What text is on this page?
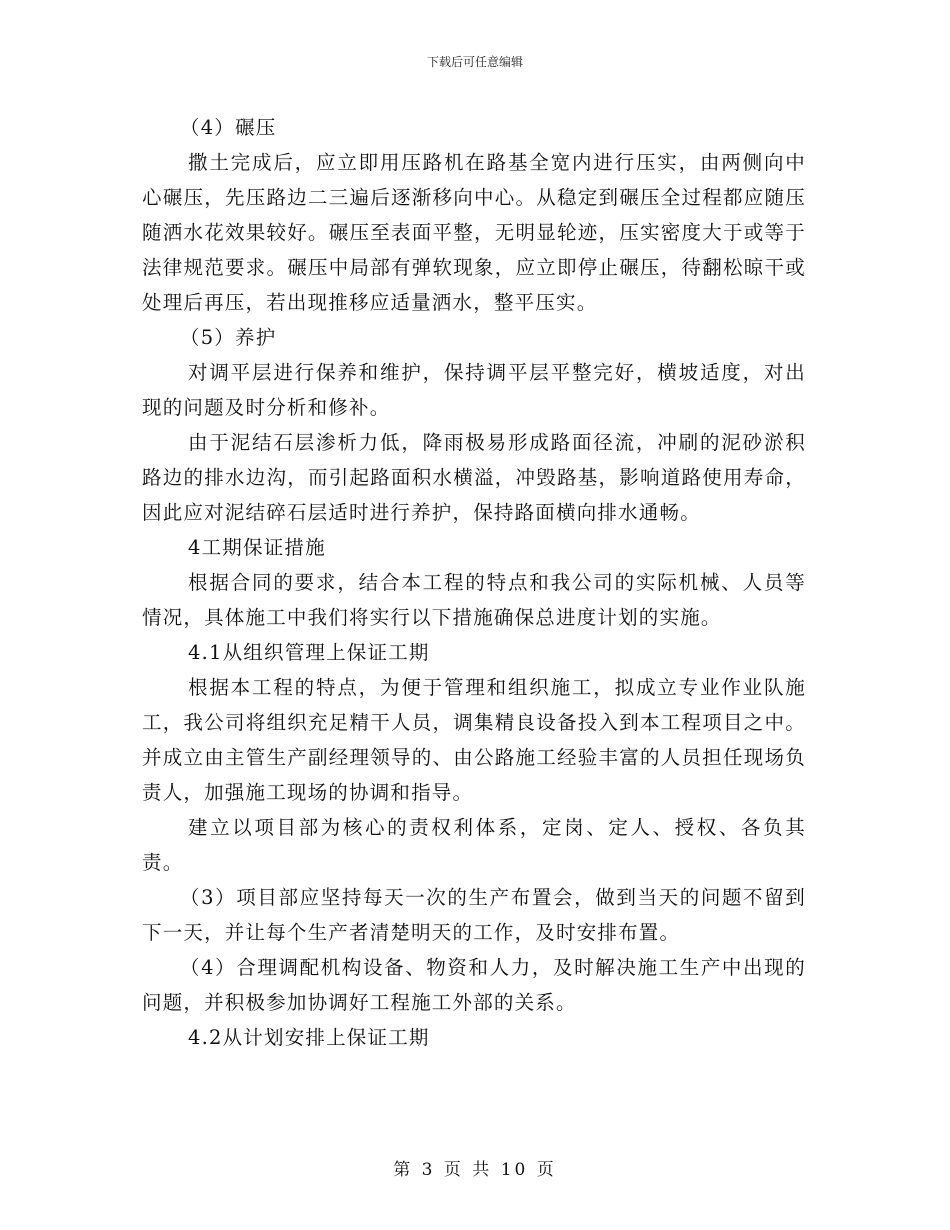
下载后可任意编辑

（4）碾压

撒土完成后，应立即用压路机在路基全宽内进行压实，由两侧向中心碾压，先压路边二三遍后逐渐移向中心。从稳定到碾压全过程都应随压随洒水花效果较好。碾压至表面平整，无明显轮迹，压实密度大于或等于法律规范要求。碾压中局部有弹软现象，应立即停止碾压，待翻松晾干或处理后再压，若出现推移应适量洒水，整平压实。

（5）养护

对调平层进行保养和维护，保持调平层平整完好，横坡适度，对出现的问题及时分析和修补。

由于泥结石层渗析力低，降雨极易形成路面径流，冲刷的泥砂淤积路边的排水边沟，而引起路面积水横溢，冲毁路基，影响道路使用寿命，因此应对泥结碎石层适时进行养护，保持路面横向排水通畅。

4工期保证措施

根据合同的要求，结合本工程的特点和我公司的实际机械、人员等情况，具体施工中我们将实行以下措施确保总进度计划的实施。

4.1从组织管理上保证工期

根据本工程的特点，为便于管理和组织施工，拟成立专业作业队施工，我公司将组织充足精干人员，调集精良设备投入到本工程项目之中。并成立由主管生产副经理领导的、由公路施工经验丰富的人员担任现场负责人，加强施工现场的协调和指导。

建立以项目部为核心的责权利体系，定岗、定人、授权、各负其责。

（3）项目部应坚持每天一次的生产布置会，做到当天的问题不留到下一天，并让每个生产者清楚明天的工作，及时安排布置。

（4）合理调配机构设备、物资和人力，及时解决施工生产中出现的问题，并积极参加协调好工程施工外部的关系。

4.2从计划安排上保证工期

第 3 页 共 10 页
